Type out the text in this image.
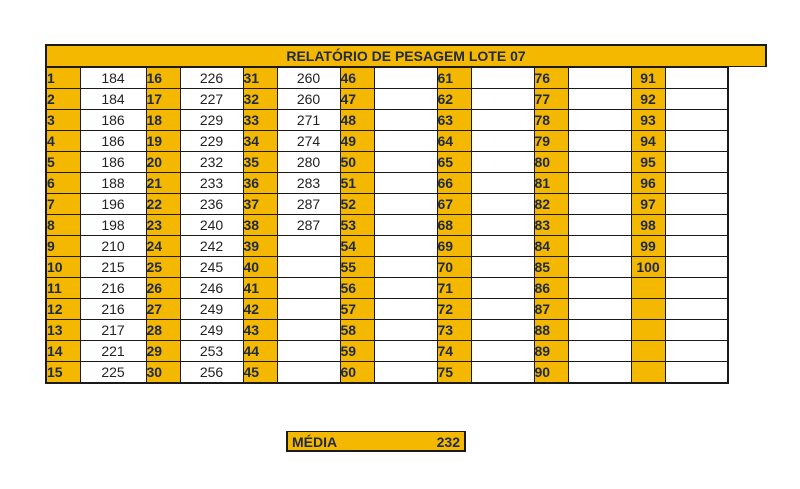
RELATÓRIO DE PESAGEM LOTE 07
1	184	16	226	31	260	46		61		76		91	
2	184	17	227	32	260	47		62		77		92	
3	186	18	229	33	271	48		63		78		93	
4	186	19	229	34	274	49		64		79		94	
5	186	20	232	35	280	50		65		80		95	
6	188	21	233	36	283	51		66		81		96	
7	196	22	236	37	287	52		67		82		97	
8	198	23	240	38	287	53		68		83		98	
9	210	24	242	39		54		69		84		99	
10	215	25	245	40		55		70		85		100	
11	216	26	246	41		56		71		86			
12	216	27	249	42		57		72		87			
13	217	28	249	43		58		73		88			
14	221	29	253	44		59		74		89			
15	225	30	256	45		60		75		90			
MÉDIA	232
